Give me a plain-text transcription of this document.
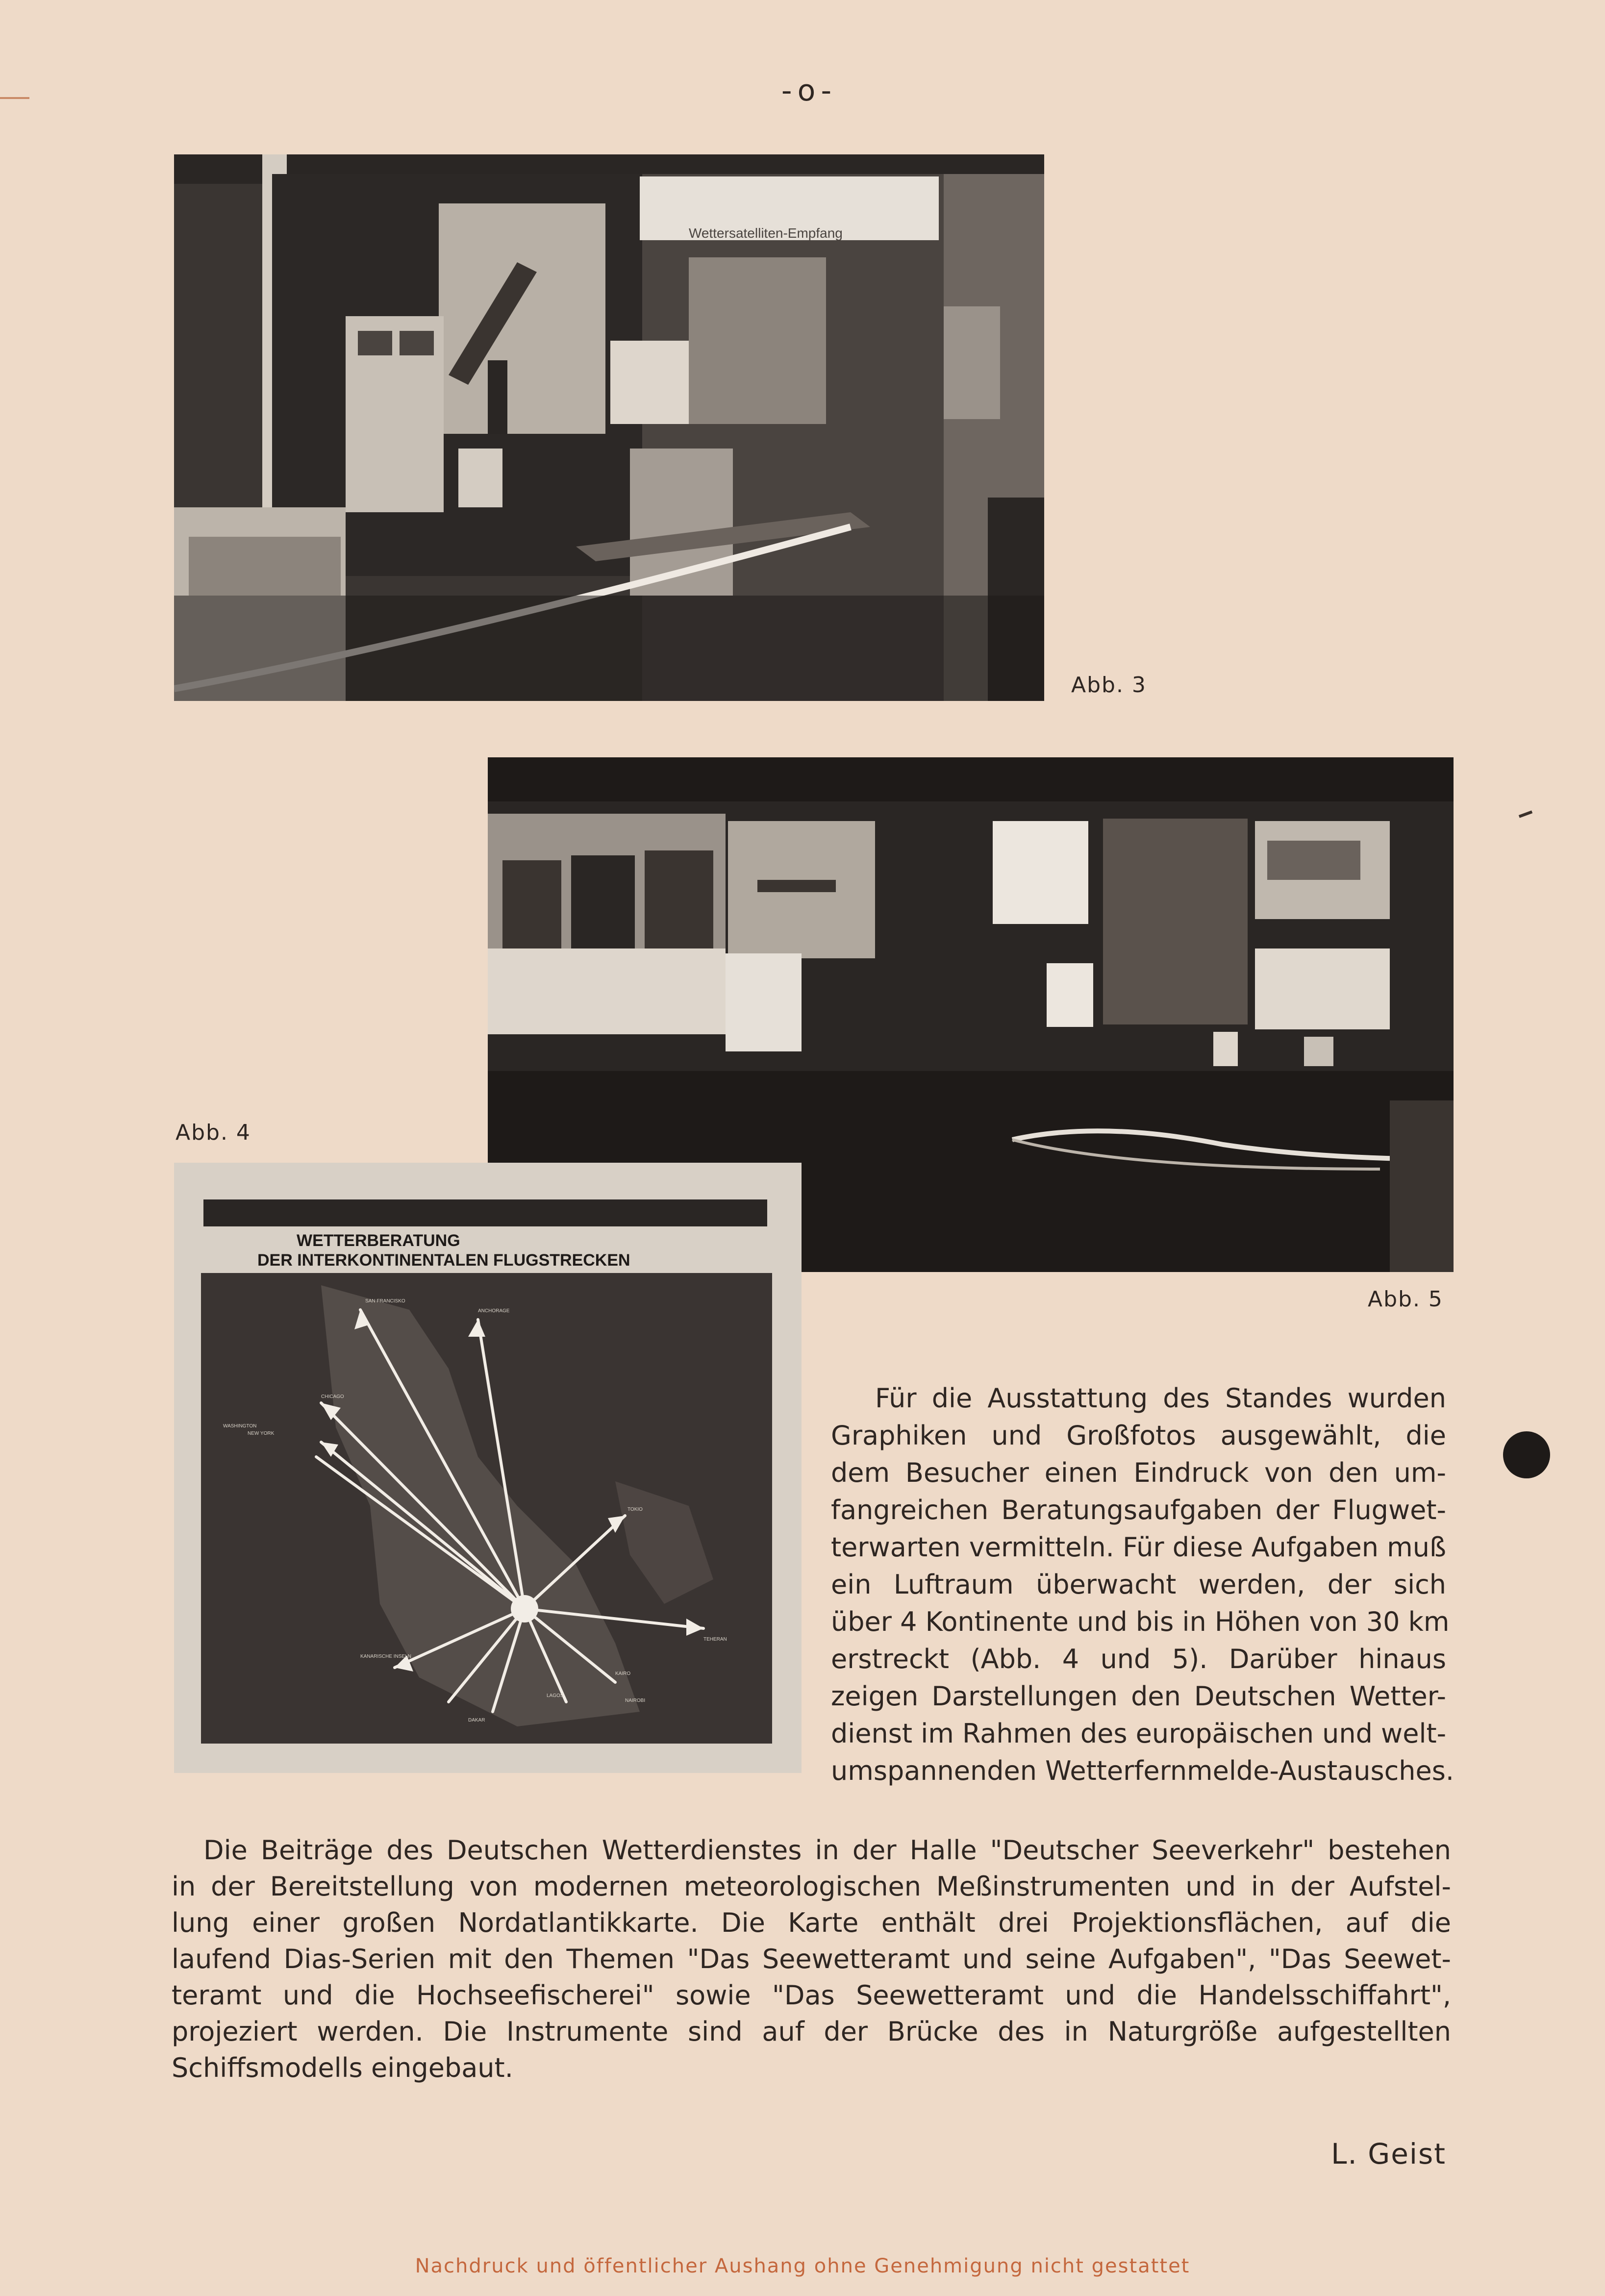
-o-
Wettersatelliten-Empfang
Abb. 3
Abb. 4
Abb. 5
WETTERBERATUNG
DER INTERKONTINENTALEN FLUGSTRECKEN
SAN FRANCISKO
ANCHORAGE
CHICAGO
WASHINGTON
NEW YORK
TOKIO
TEHERAN
KANARISCHE INSELN
LAGOS
DAKAR
KAIRO
NAIROBI
Für die Ausstattung des Standes wurden
Graphiken und Großfotos ausgewählt, die
dem Besucher einen Eindruck von den um-
fangreichen Beratungsaufgaben der Flugwet-
terwarten vermitteln. Für diese Aufgaben muß
ein Luftraum überwacht werden, der sich
über 4 Kontinente und bis in Höhen von 30 km
erstreckt (Abb. 4 und 5). Darüber hinaus
zeigen Darstellungen den Deutschen Wetter-
dienst im Rahmen des europäischen und welt-
umspannenden Wetterfernmelde-Austausches.
Die Beiträge des Deutschen Wetterdienstes in der Halle "Deutscher Seeverkehr" bestehen
in der Bereitstellung von modernen meteorologischen Meßinstrumenten und in der Aufstel-
lung einer großen Nordatlantikkarte. Die Karte enthält drei Projektionsflächen, auf die
laufend Dias-Serien mit den Themen "Das Seewetteramt und seine Aufgaben", "Das Seewet-
teramt und die Hochseefischerei" sowie "Das Seewetteramt und die Handelsschiffahrt",
projeziert werden. Die Instrumente sind auf der Brücke des in Naturgröße aufgestellten
Schiffsmodells eingebaut.
L. Geist
Nachdruck und öffentlicher Aushang ohne Genehmigung nicht gestattet
